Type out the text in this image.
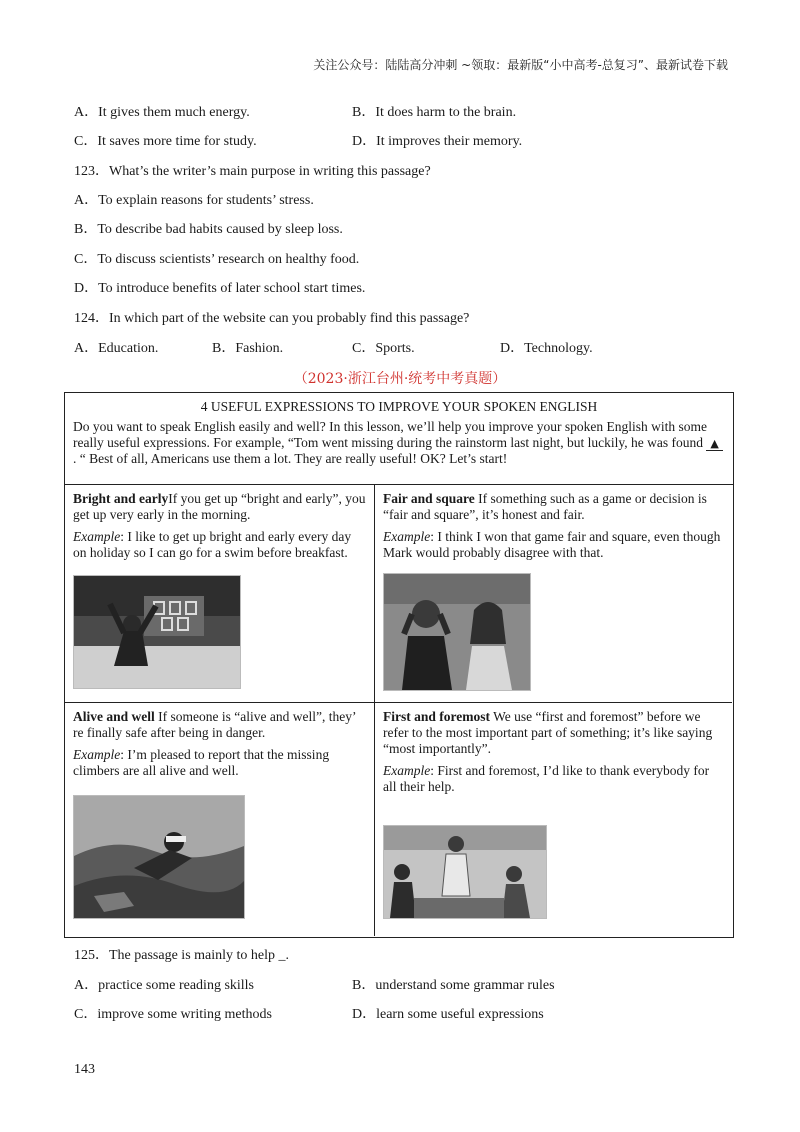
关注公众号：陆陆高分冲刺 ~领取：最新版“小中高考-总复习”、最新试卷下载
A．It gives them much energy.	B．It does harm to the brain.
C．It saves more time for study.	D．It improves their memory.
123．What’s the writer’s main purpose in writing this passage?
A．To explain reasons for students’ stress.
B．To describe bad habits caused by sleep loss.
C．To discuss scientists’ research on healthy food.
D．To introduce benefits of later school start times.
124．In which part of the website can you probably find this passage?
A．Education.	B．Fashion.	C．Sports.	D．Technology.
（2023·浙江台州·统考中考真题）
4 USEFUL EXPRESSIONS TO IMPROVE YOUR SPOKEN ENGLISH
Do you want to speak English easily and well? In this lesson, we’ll help you improve your spoken English with some really useful expressions. For example, “Tom went missing during the rainstorm last night, but luckily, he was found ▲. “ Best of all, Americans use them a lot. They are really useful! OK? Let’s start!

Bright and earlyIf you get up “bright and early”, you get up very early in the morning.

Example: I like to get up bright and early every day on holiday so I can go for a swim before breakfast.

Fair and square If something such as a game or decision is “fair and square”, it’s honest and fair.

Example: I think I won that game fair and square, even though Mark would probably disagree with that.

Alive and well If someone is “alive and well”, they’ re finally safe after being in danger.

Example: I’m pleased to report that the missing climbers are all alive and well.

First and foremost We use “first and foremost” before we refer to the most important part of something; it’s like saying “most importantly”.

Example: First and foremost, I’d like to thank everybody for all their help.

125．The passage is mainly to help _.
A．practice some reading skills	B．understand some grammar rules
C．improve some writing methods	D．learn some useful expressions
143
